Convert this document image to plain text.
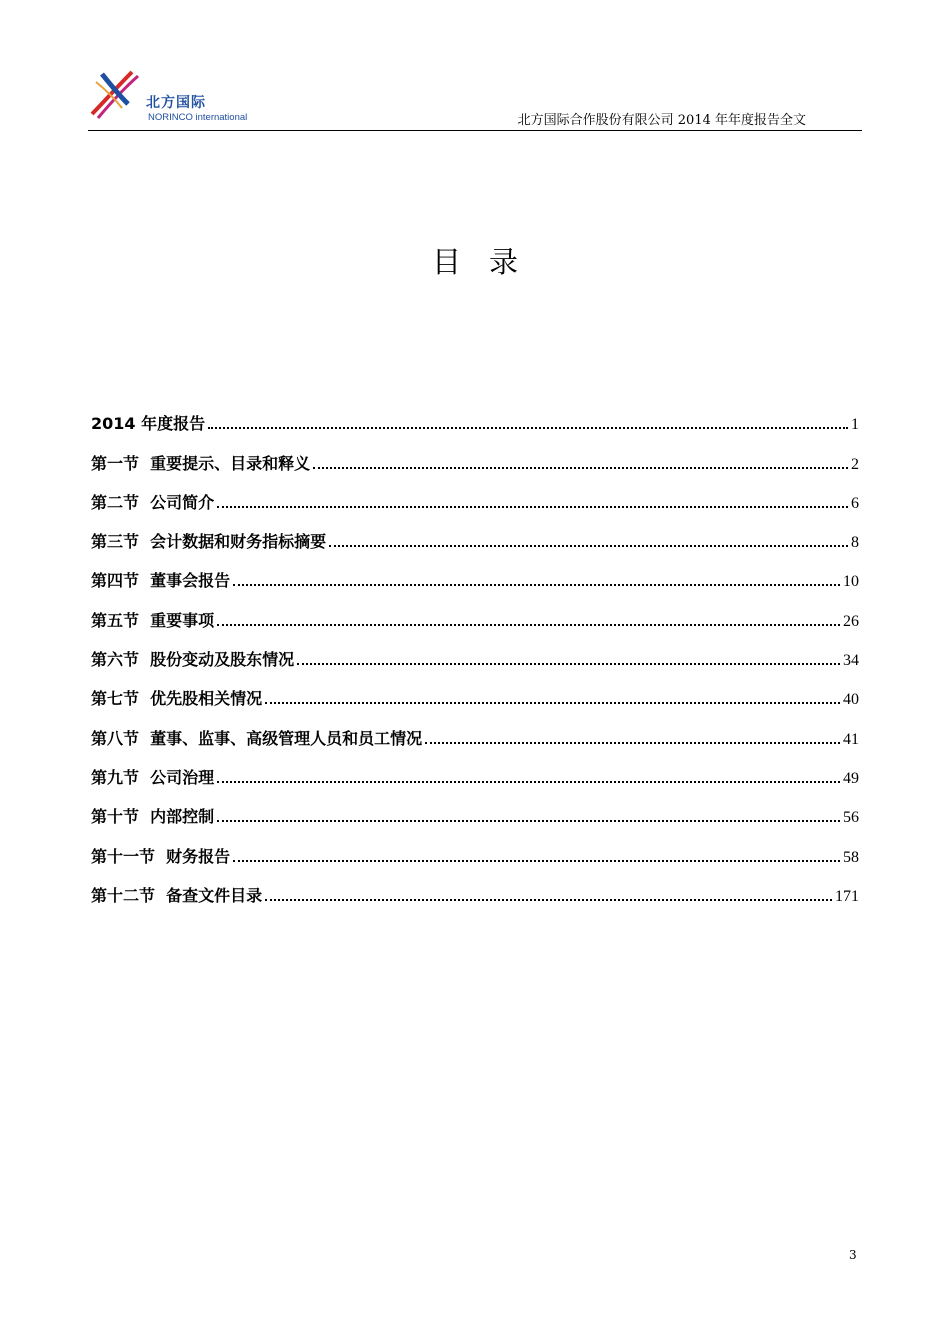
北方国际
NORINCO international	北方国际合作股份有限公司 2014 年年度报告全文
目录
2014 年度报告	1
第一节  重要提示、目录和释义	2
第二节  公司简介	6
第三节  会计数据和财务指标摘要	8
第四节  董事会报告	10
第五节  重要事项	26
第六节  股份变动及股东情况	34
第七节  优先股相关情况	40
第八节  董事、监事、高级管理人员和员工情况	41
第九节  公司治理	49
第十节  内部控制	56
第十一节  财务报告	58
第十二节  备查文件目录	171
3
